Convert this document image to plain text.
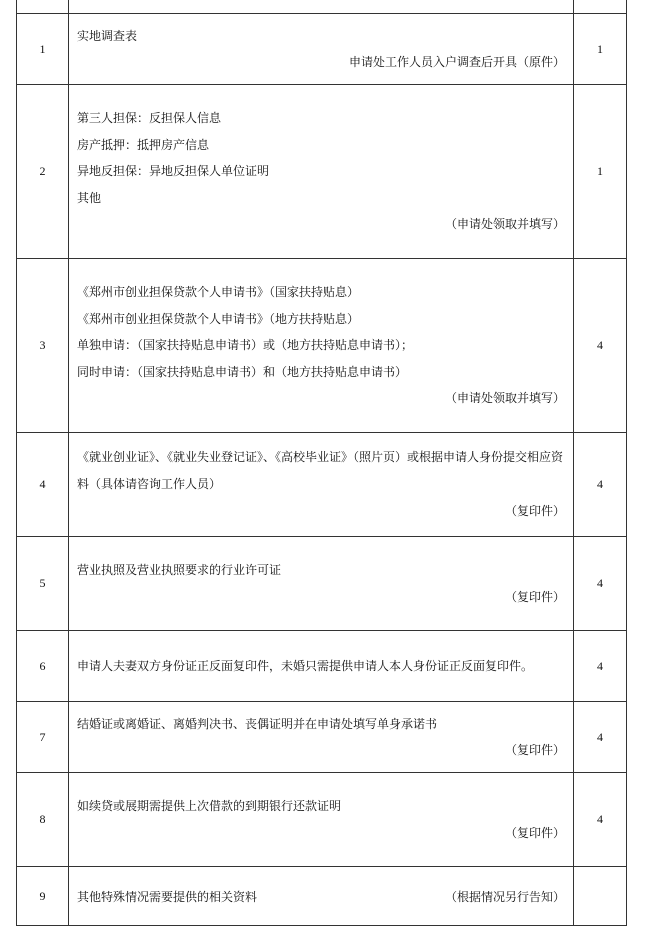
1	实地调查表
申请处工作人员入户调查后开具（原件）	1
2	第三人担保：反担保人信息
房产抵押：抵押房产信息
异地反担保：异地反担保人单位证明
其他
（申请处领取并填写）	1
3	《郑州市创业担保贷款个人申请书》（国家扶持贴息）
《郑州市创业担保贷款个人申请书》（地方扶持贴息）
单独申请：（国家扶持贴息申请书）或（地方扶持贴息申请书）；
同时申请：（国家扶持贴息申请书）和（地方扶持贴息申请书）
（申请处领取并填写）	4
4	《就业创业证》、《就业失业登记证》、《高校毕业证》（照片页）或根据申请人身份提交相应资料（具体请咨询工作人员）
（复印件）	4
5	营业执照及营业执照要求的行业许可证
（复印件）	4
6	申请人夫妻双方身份证正反面复印件，未婚只需提供申请人本人身份证正反面复印件。	4
7	结婚证或离婚证、离婚判决书、丧偶证明并在申请处填写单身承诺书
（复印件）	4
8	如续贷或展期需提供上次借款的到期银行还款证明
（复印件）	4
9	其他特殊情况需要提供的相关资料 （根据情况另行告知）	
